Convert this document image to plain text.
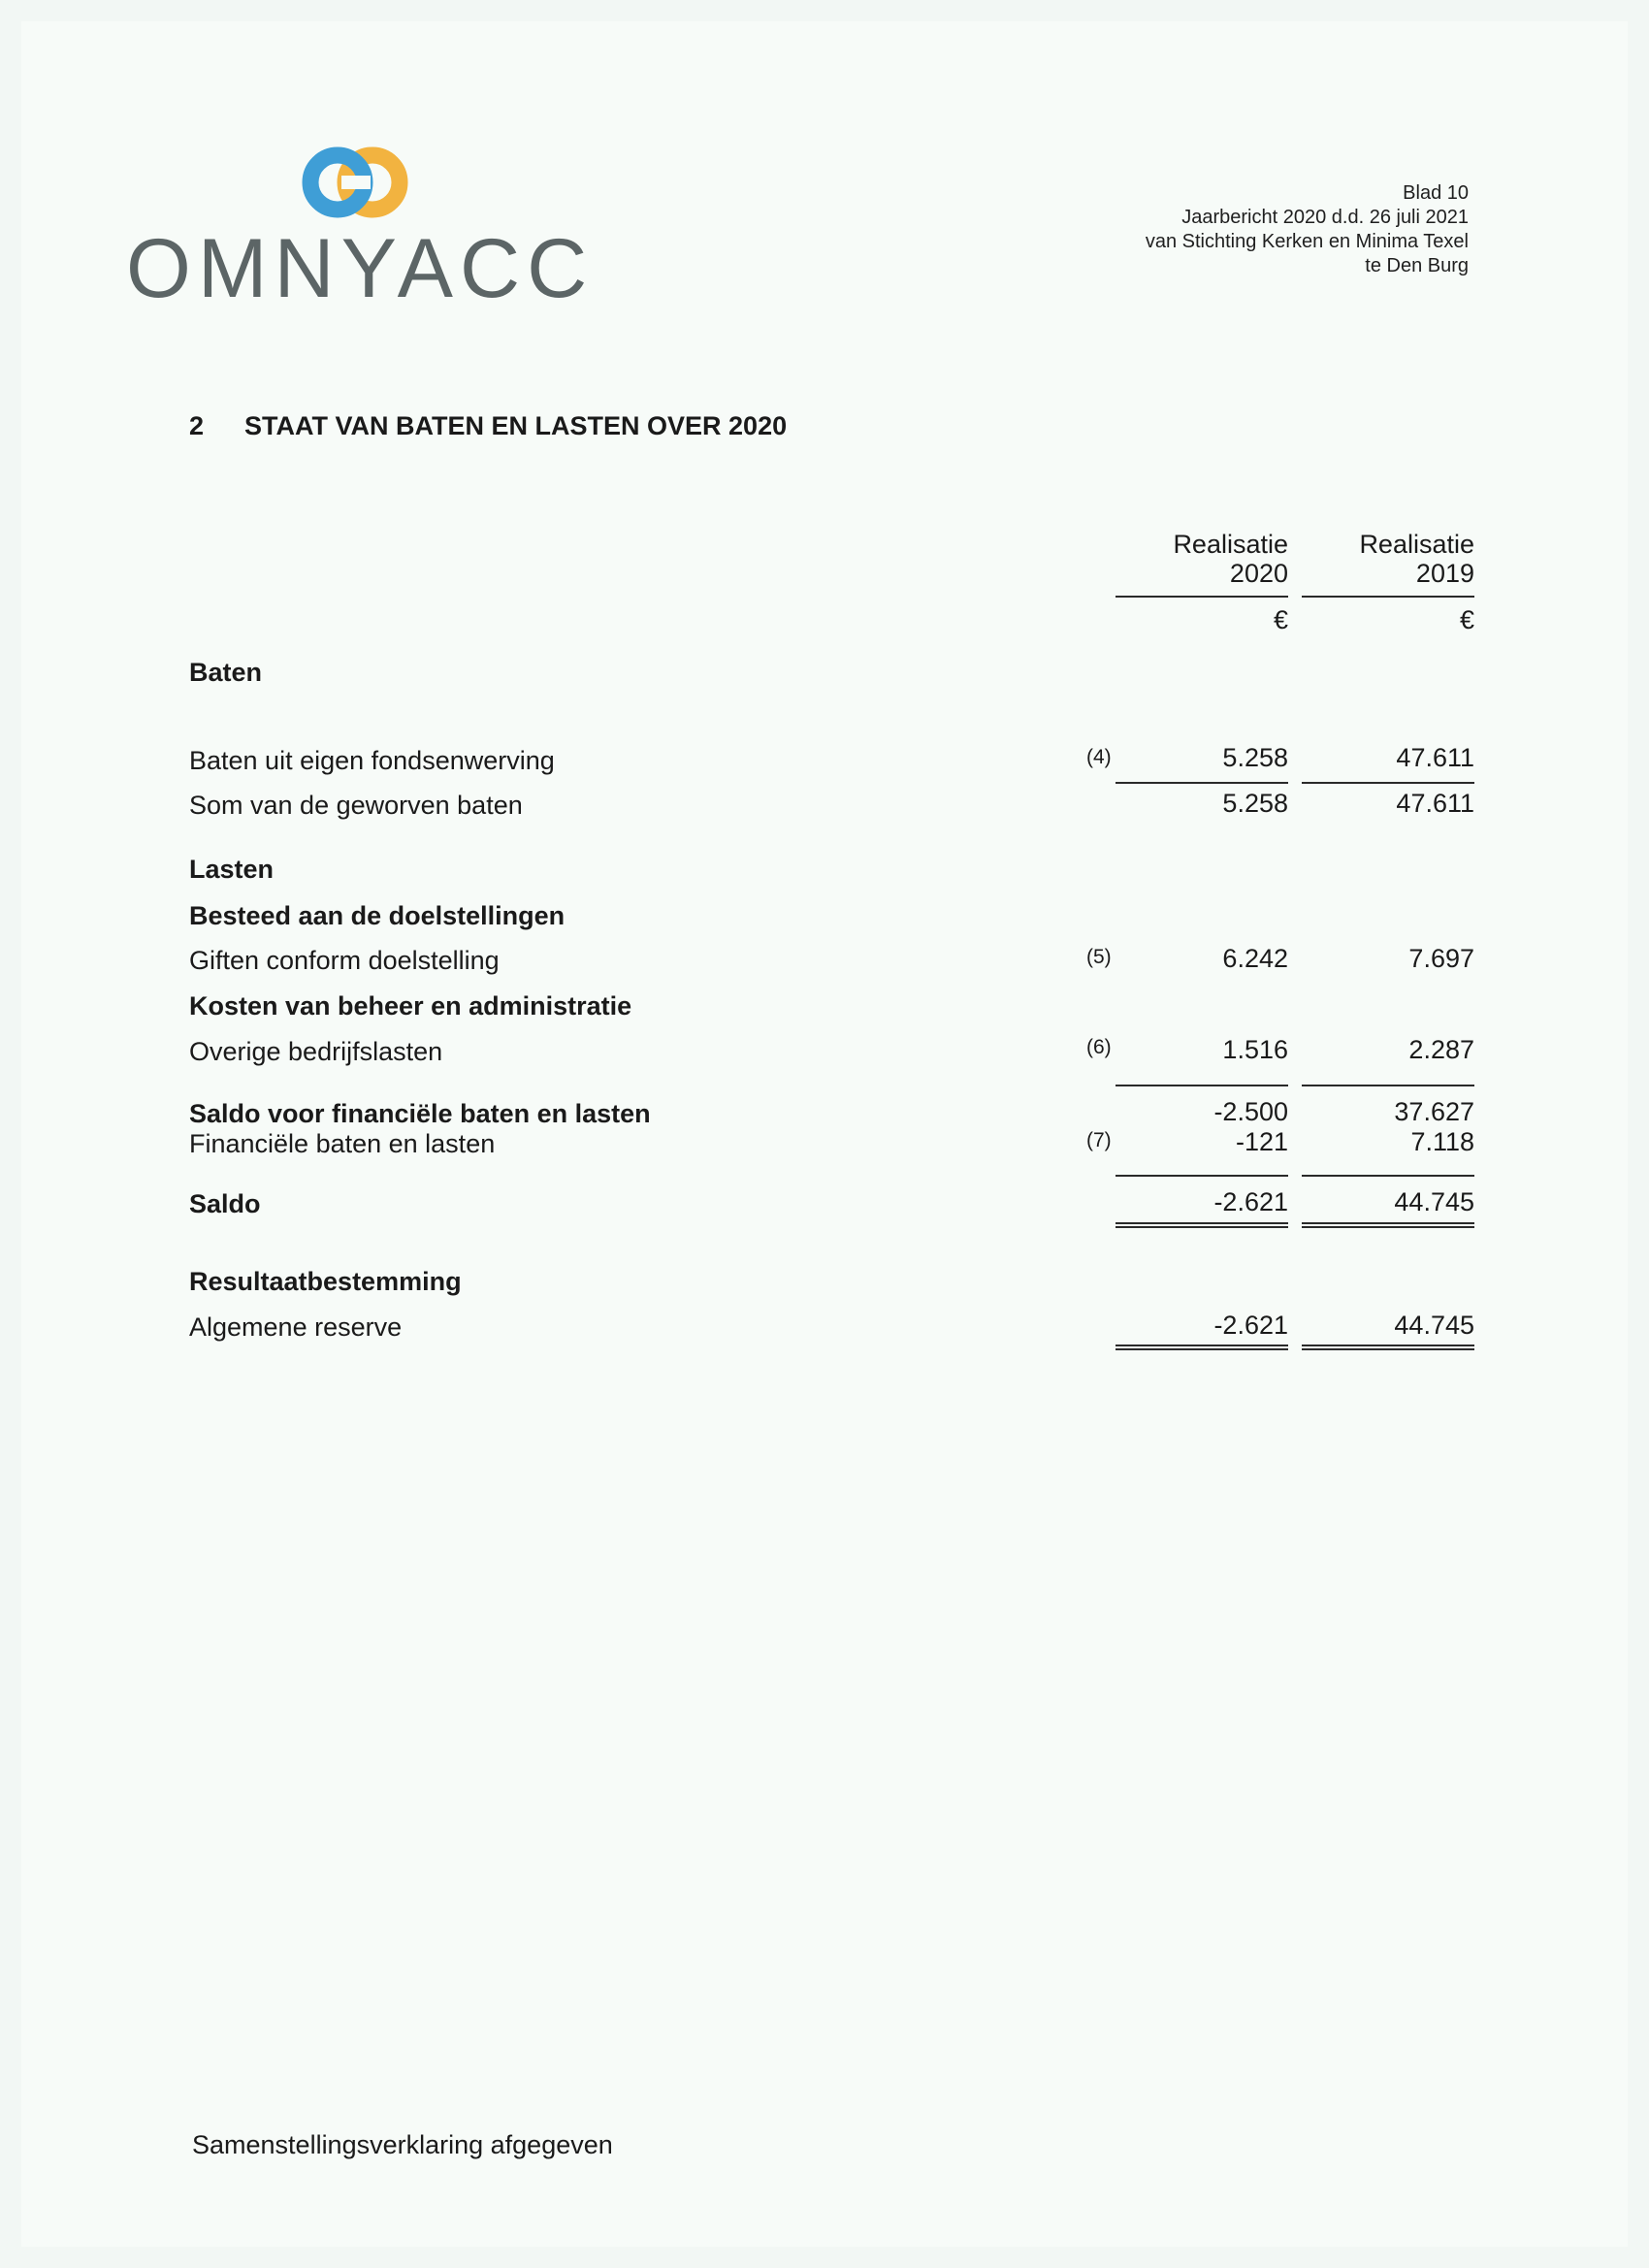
OMNYACC
Blad 10
Jaarbericht 2020 d.d. 26 juli 2021
van Stichting Kerken en Minima Texel
te Den Burg
2 STAAT VAN BATEN EN LASTEN OVER 2020
Realisatie
2020
Realisatie
2019
€	€
Baten
Baten uit eigen fondsenwerving	(4)	5.258	47.611
Som van de geworven baten	5.258	47.611
Lasten
Besteed aan de doelstellingen
Giften conform doelstelling	(5)	6.242	7.697
Kosten van beheer en administratie
Overige bedrijfslasten	(6)	1.516	2.287
Saldo voor financiële baten en lasten	-2.500	37.627
Financiële baten en lasten	(7)	-121	7.118
Saldo	-2.621	44.745
Resultaatbestemming
Algemene reserve	-2.621	44.745
Samenstellingsverklaring afgegeven
